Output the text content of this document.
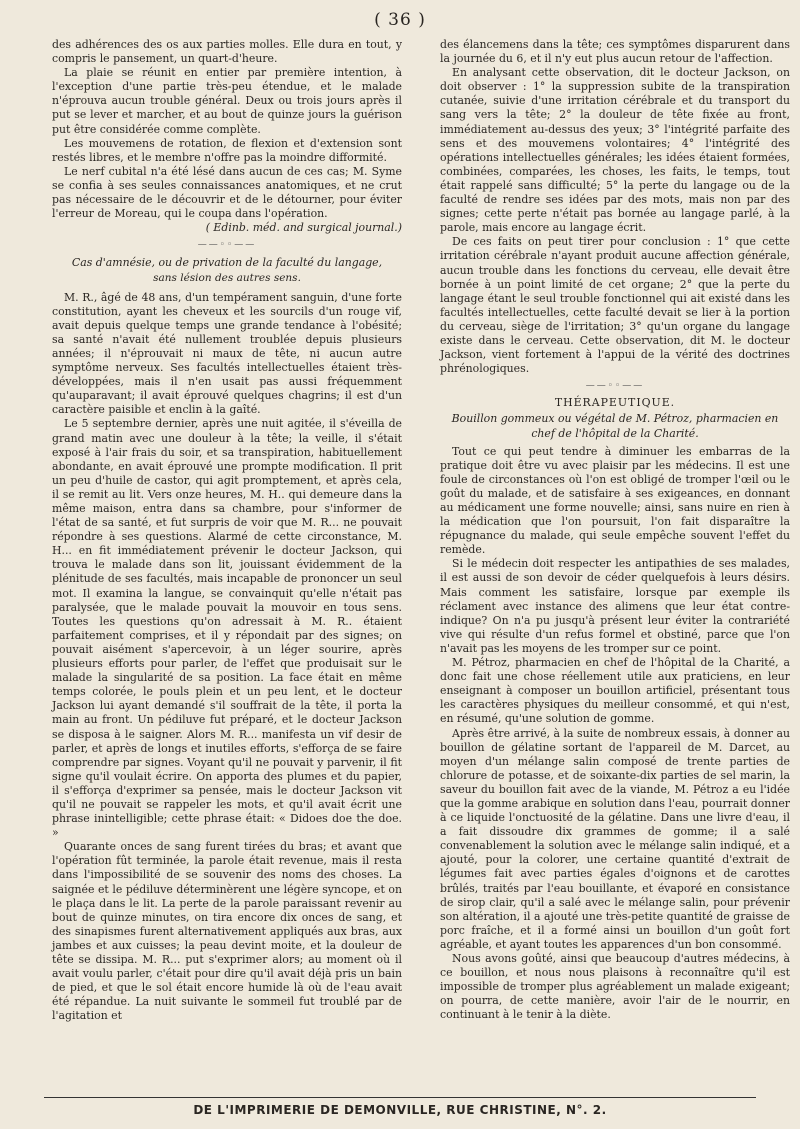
( 36 )

des adhérences des os aux parties molles. Elle dura en tout, y compris le pansement, un quart-d'heure.

La plaie se réunit en entier par première intention, à l'exception d'une partie très-peu étendue, et le malade n'éprouva aucun trouble général. Deux ou trois jours après il put se lever et marcher, et au bout de quinze jours la guérison put être considérée comme complète.

Les mouvemens de rotation, de flexion et d'extension sont restés libres, et le membre n'offre pas la moindre difformité.

Le nerf cubital n'a été lésé dans aucun de ces cas; M. Syme se confia à ses seules connaissances anatomiques, et ne crut pas nécessaire de le découvrir et de le détourner, pour éviter l'erreur de Moreau, qui le coupa dans l'opération.

( Edinb. méd. and surgical journal.)

——◦◦——
Cas d'amnésie, ou de privation de la faculté du langage,
sans lésion des autres sens.

M. R., âgé de 48 ans, d'un tempérament sanguin, d'une forte constitution, ayant les cheveux et les sourcils d'un rouge vif, avait depuis quelque temps une grande tendance à l'obésité; sa santé n'avait été nullement troublée depuis plusieurs années; il n'éprouvait ni maux de tête, ni aucun autre symptôme nerveux. Ses facultés intellectuelles étaient très-développées, mais il n'en usait pas aussi fréquemment qu'auparavant; il avait éprouvé quelques chagrins; il est d'un caractère paisible et enclin à la gaîté.

Le 5 septembre dernier, après une nuit agitée, il s'éveilla de grand matin avec une douleur à la tête; la veille, il s'était exposé à l'air frais du soir, et sa transpiration, habituellement abondante, en avait éprouvé une prompte modification. Il prit un peu d'huile de castor, qui agit promptement, et après cela, il se remit au lit. Vers onze heures, M. H.. qui demeure dans la même maison, entra dans sa chambre, pour s'informer de l'état de sa santé, et fut surpris de voir que M. R... ne pouvait répondre à ses questions. Alarmé de cette circonstance, M. H... en fit immédiatement prévenir le docteur Jackson, qui trouva le malade dans son lit, jouissant évidemment de la plénitude de ses facultés, mais incapable de prononcer un seul mot. Il examina la langue, se convainquit qu'elle n'était pas paralysée, que le malade pouvait la mouvoir en tous sens. Toutes les questions qu'on adressait à M. R.. étaient parfaitement comprises, et il y répondait par des signes; on pouvait aisément s'apercevoir, à un léger sourire, après plusieurs efforts pour parler, de l'effet que produisait sur le malade la singularité de sa position. La face était en même temps colorée, le pouls plein et un peu lent, et le docteur Jackson lui ayant demandé s'il souffrait de la tête, il porta la main au front. Un pédiluve fut préparé, et le docteur Jackson se disposa à le saigner. Alors M. R... manifesta un vif desir de parler, et après de longs et inutiles efforts, s'efforça de se faire comprendre par signes. Voyant qu'il ne pouvait y parvenir, il fit signe qu'il voulait écrire. On apporta des plumes et du papier, il s'efforça d'exprimer sa pensée, mais le docteur Jackson vit qu'il ne pouvait se rappeler les mots, et qu'il avait écrit une phrase inintelligible; cette phrase était: « Didoes doe the doe. »

Quarante onces de sang furent tirées du bras; et avant que l'opération fût terminée, la parole était revenue, mais il resta dans l'impossibilité de se souvenir des noms des choses. La saignée et le pédiluve déterminèrent une légère syncope, et on le plaça dans le lit. La perte de la parole paraissant revenir au bout de quinze minutes, on tira encore dix onces de sang, et des sinapismes furent alternativement appliqués aux bras, aux jambes et aux cuisses; la peau devint moite, et la douleur de tête se dissipa. M. R... put s'exprimer alors; au moment où il avait voulu parler, c'était pour dire qu'il avait déjà pris un bain de pied, et que le sol était encore humide là où de l'eau avait été répandue. La nuit suivante le sommeil fut troublé par de l'agitation et

des élancemens dans la tête; ces symptômes disparurent dans la journée du 6, et il n'y eut plus aucun retour de l'affection.

En analysant cette observation, dit le docteur Jackson, on doit observer : 1° la suppression subite de la transpiration cutanée, suivie d'une irritation cérébrale et du transport du sang vers la tête; 2° la douleur de tête fixée au front, immédiatement au-dessus des yeux; 3° l'intégrité parfaite des sens et des mouvemens volontaires; 4° l'intégrité des opérations intellectuelles générales; les idées étaient formées, combinées, comparées, les choses, les faits, le temps, tout était rappelé sans difficulté; 5° la perte du langage ou de la faculté de rendre ses idées par des mots, mais non par des signes; cette perte n'était pas bornée au langage parlé, à la parole, mais encore au langage écrit.

De ces faits on peut tirer pour conclusion : 1° que cette irritation cérébrale n'ayant produit aucune affection générale, aucun trouble dans les fonctions du cerveau, elle devait être bornée à un point limité de cet organe; 2° que la perte du langage étant le seul trouble fonctionnel qui ait existé dans les facultés intellectuelles, cette faculté devait se lier à la portion du cerveau, siège de l'irritation; 3° qu'un organe du langage existe dans le cerveau. Cette observation, dit M. le docteur Jackson, vient fortement à l'appui de la vérité des doctrines phrénologiques.

——◦◦——
THÉRAPEUTIQUE.
Bouillon gommeux ou végétal de M. Pétroz, pharmacien en chef de l'hôpital de la Charité.

Tout ce qui peut tendre à diminuer les embarras de la pratique doit être vu avec plaisir par les médecins. Il est une foule de circonstances où l'on est obligé de tromper l'œil ou le goût du malade, et de satisfaire à ses exigeances, en donnant au médicament une forme nouvelle; ainsi, sans nuire en rien à la médication que l'on poursuit, l'on fait disparaître la répugnance du malade, qui seule empêche souvent l'effet du remède.

Si le médecin doit respecter les antipathies de ses malades, il est aussi de son devoir de céder quelquefois à leurs désirs. Mais comment les satisfaire, lorsque par exemple ils réclament avec instance des alimens que leur état contre-indique? On n'a pu jusqu'à présent leur éviter la contrariété vive qui résulte d'un refus formel et obstiné, parce que l'on n'avait pas les moyens de les tromper sur ce point.

M. Pétroz, pharmacien en chef de l'hôpital de la Charité, a donc fait une chose réellement utile aux praticiens, en leur enseignant à composer un bouillon artificiel, présentant tous les caractères physiques du meilleur consommé, et qui n'est, en résumé, qu'une solution de gomme.

Après être arrivé, à la suite de nombreux essais, à donner au bouillon de gélatine sortant de l'appareil de M. Darcet, au moyen d'un mélange salin composé de trente parties de chlorure de potasse, et de soixante-dix parties de sel marin, la saveur du bouillon fait avec de la viande, M. Pétroz a eu l'idée que la gomme arabique en solution dans l'eau, pourrait donner à ce liquide l'onctuosité de la gélatine. Dans une livre d'eau, il a fait dissoudre dix grammes de gomme; il a salé convenablement la solution avec le mélange salin indiqué, et a ajouté, pour la colorer, une certaine quantité d'extrait de légumes fait avec parties égales d'oignons et de carottes brûlés, traités par l'eau bouillante, et évaporé en consistance de sirop clair, qu'il a salé avec le mélange salin, pour prévenir son altération, il a ajouté une très-petite quantité de graisse de porc fraîche, et il a formé ainsi un bouillon d'un goût fort agréable, et ayant toutes les apparences d'un bon consommé.

Nous avons goûté, ainsi que beaucoup d'autres médecins, à ce bouillon, et nous nous plaisons à reconnaître qu'il est impossible de tromper plus agréablement un malade exigeant; on pourra, de cette manière, avoir l'air de le nourrir, en continuant à le tenir à la diète.

DE L'IMPRIMERIE DE DEMONVILLE, RUE CHRISTINE, N°. 2.
